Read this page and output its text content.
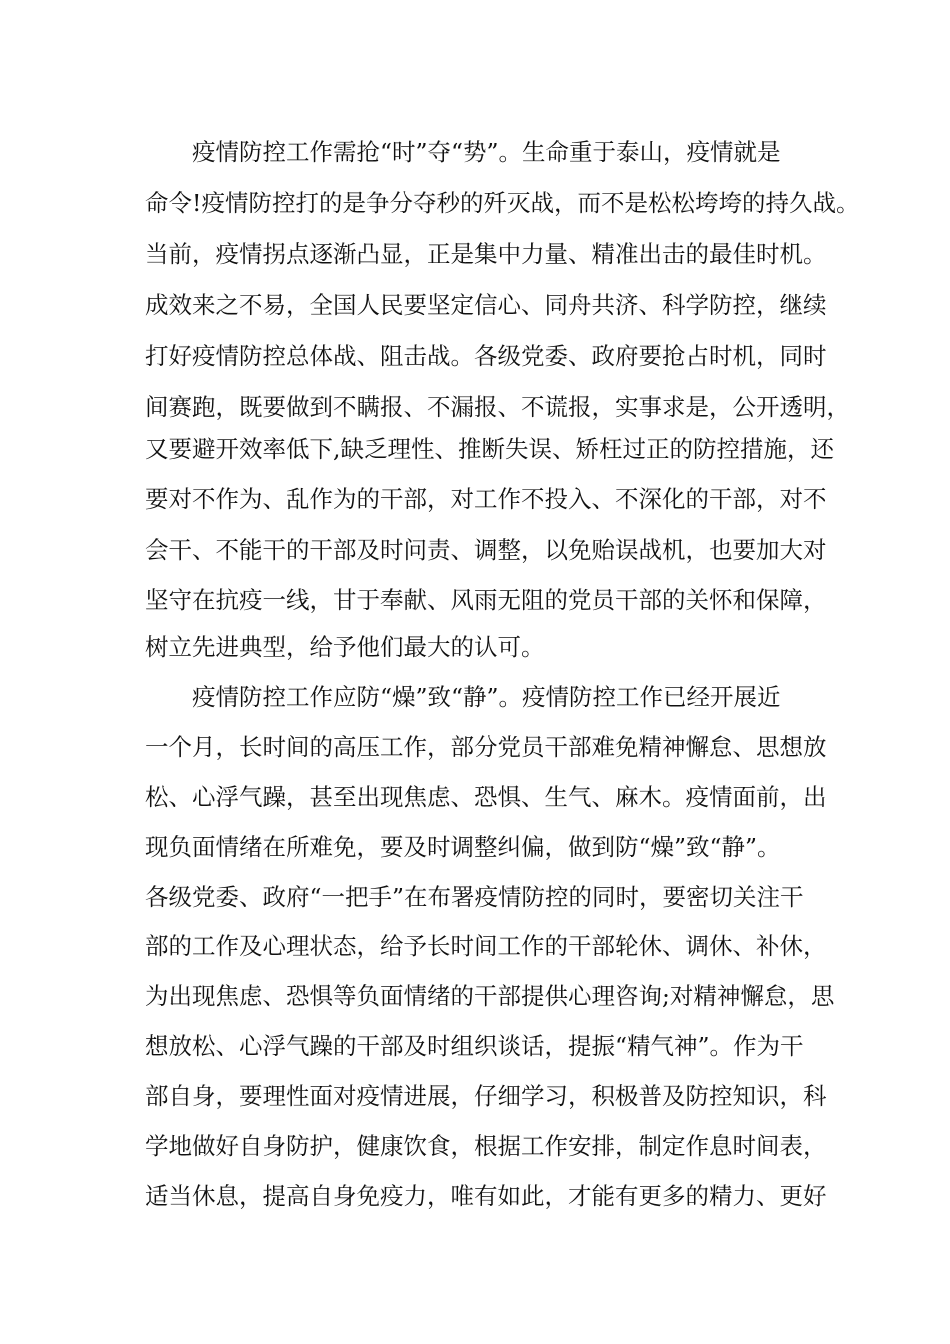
疫情防控工作需抢“时”夺“势”。生命重于泰山，疫情就是
命令!疫情防控打的是争分夺秒的歼灭战，而不是松松垮垮的持久战。
当前，疫情拐点逐渐凸显，正是集中力量、精准出击的最佳时机。
成效来之不易，全国人民要坚定信心、同舟共济、科学防控，继续
打好疫情防控总体战、阻击战。各级党委、政府要抢占时机，同时
间赛跑，既要做到不瞒报、不漏报、不谎报，实事求是，公开透明，
又要避开效率低下,缺乏理性、推断失误、矫枉过正的防控措施，还
要对不作为、乱作为的干部，对工作不投入、不深化的干部，对不
会干、不能干的干部及时问责、调整，以免贻误战机，也要加大对
坚守在抗疫一线，甘于奉献、风雨无阻的党员干部的关怀和保障，
树立先进典型，给予他们最大的认可。
疫情防控工作应防“燥”致“静”。疫情防控工作已经开展近
一个月，长时间的高压工作，部分党员干部难免精神懈怠、思想放
松、心浮气躁，甚至出现焦虑、恐惧、生气、麻木。疫情面前，出
现负面情绪在所难免，要及时调整纠偏，做到防“燥”致“静”。
各级党委、政府“一把手”在布署疫情防控的同时，要密切关注干
部的工作及心理状态，给予长时间工作的干部轮休、调休、补休，
为出现焦虑、恐惧等负面情绪的干部提供心理咨询;对精神懈怠，思
想放松、心浮气躁的干部及时组织谈话，提振“精气神”。作为干
部自身，要理性面对疫情进展，仔细学习，积极普及防控知识，科
学地做好自身防护，健康饮食，根据工作安排，制定作息时间表，
适当休息，提高自身免疫力，唯有如此，才能有更多的精力、更好
